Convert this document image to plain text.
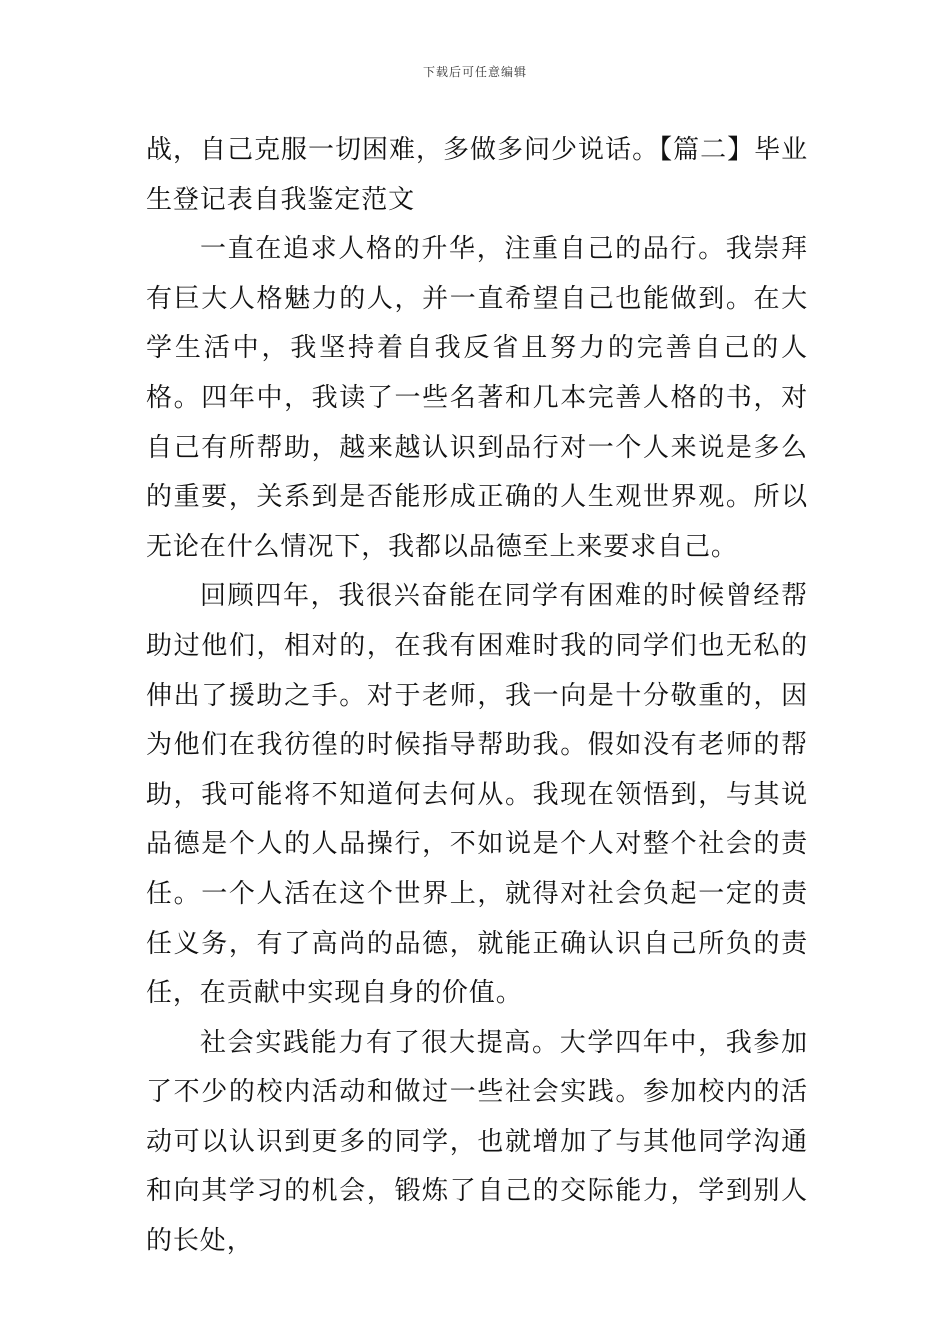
下载后可任意编辑

战，自己克服一切困难，多做多问少说话。【篇二】毕业生登记表自我鉴定范文

一直在追求人格的升华，注重自己的品行。我崇拜有巨大人格魅力的人，并一直希望自己也能做到。在大学生活中，我坚持着自我反省且努力的完善自己的人格。四年中，我读了一些名著和几本完善人格的书，对自己有所帮助，越来越认识到品行对一个人来说是多么的重要，关系到是否能形成正确的人生观世界观。所以无论在什么情况下，我都以品德至上来要求自己。

回顾四年，我很兴奋能在同学有困难的时候曾经帮助过他们，相对的，在我有困难时我的同学们也无私的伸出了援助之手。对于老师，我一向是十分敬重的，因为他们在我彷徨的时候指导帮助我。假如没有老师的帮助，我可能将不知道何去何从。我现在领悟到，与其说品德是个人的人品操行，不如说是个人对整个社会的责任。一个人活在这个世界上，就得对社会负起一定的责任义务，有了高尚的品德，就能正确认识自己所负的责任，在贡献中实现自身的价值。

社会实践能力有了很大提高。大学四年中，我参加了不少的校内活动和做过一些社会实践。参加校内的活动可以认识到更多的同学，也就增加了与其他同学沟通和向其学习的机会，锻炼了自己的交际能力，学到别人的长处，
